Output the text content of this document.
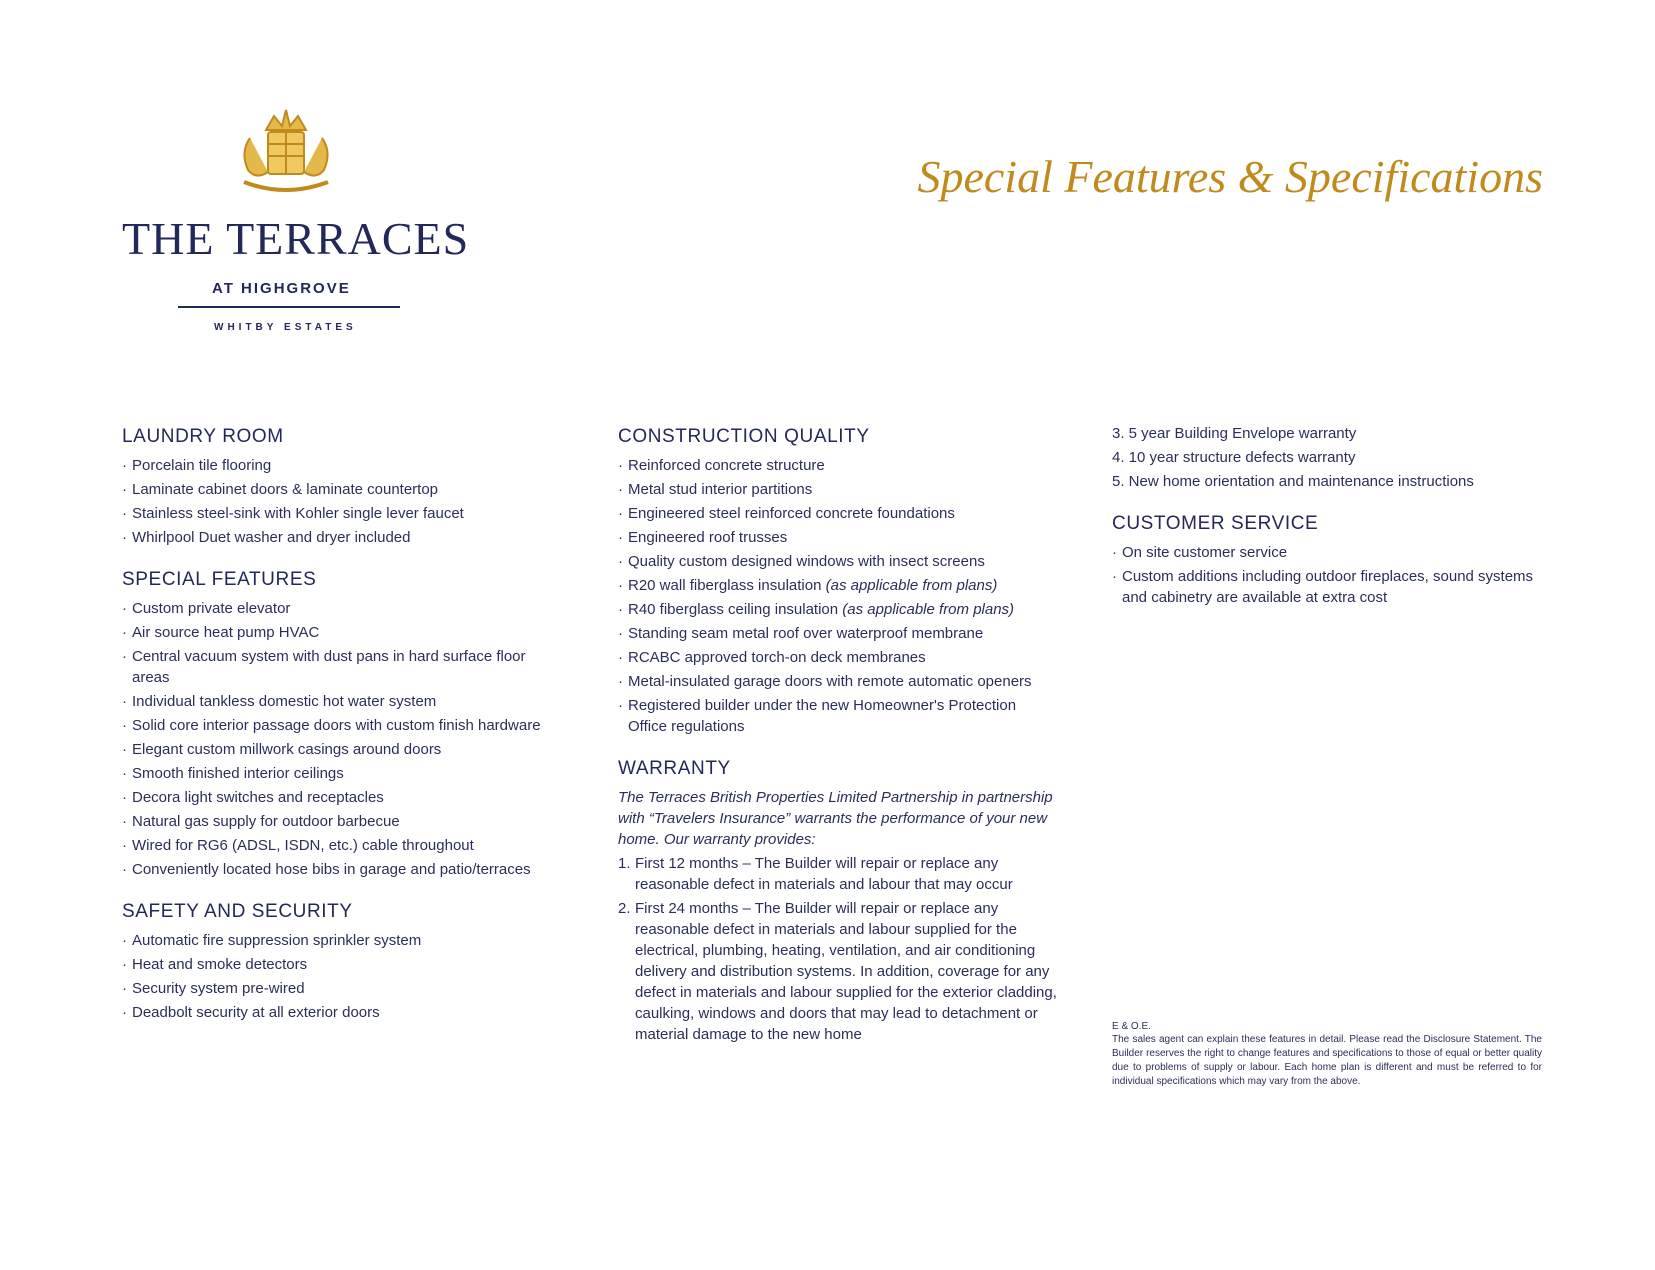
THE TERRACES
AT HIGHGROVE
WHITBY ESTATES
Special Features & Specifications
LAUNDRY ROOM
· Porcelain tile flooring
· Laminate cabinet doors & laminate countertop
· Stainless steel-sink with Kohler single lever faucet
· Whirlpool Duet washer and dryer included
SPECIAL FEATURES
· Custom private elevator
· Air source heat pump HVAC
· Central vacuum system with dust pans in hard surface floor areas
· Individual tankless domestic hot water system
· Solid core interior passage doors with custom finish hardware
· Elegant custom millwork casings around doors
· Smooth finished interior ceilings
· Decora light switches and receptacles
· Natural gas supply for outdoor barbecue
· Wired for RG6 (ADSL, ISDN, etc.) cable throughout
· Conveniently located hose bibs in garage and patio/terraces
SAFETY AND SECURITY
· Automatic fire suppression sprinkler system
· Heat and smoke detectors
· Security system pre-wired
· Deadbolt security at all exterior doors
CONSTRUCTION QUALITY
· Reinforced concrete structure
· Metal stud interior partitions
· Engineered steel reinforced concrete foundations
· Engineered roof trusses
· Quality custom designed windows with insect screens
· R20 wall fiberglass insulation (as applicable from plans)
· R40 fiberglass ceiling insulation (as applicable from plans)
· Standing seam metal roof over waterproof membrane
· RCABC approved torch-on deck membranes
· Metal-insulated garage doors with remote automatic openers
· Registered builder under the new Homeowner's Protection Office regulations
WARRANTY
The Terraces British Properties Limited Partnership in partnership with “Travelers Insurance” warrants the performance of your new home. Our warranty provides:
1. First 12 months – The Builder will repair or replace any reasonable defect in materials and labour that may occur
2. First 24 months – The Builder will repair or replace any reasonable defect in materials and labour supplied for the electrical, plumbing, heating, ventilation, and air conditioning delivery and distribution systems. In addition, coverage for any defect in materials and labour supplied for the exterior cladding, caulking, windows and doors that may lead to detachment or material damage to the new home
3. 5 year Building Envelope warranty
4. 10 year structure defects warranty
5. New home orientation and maintenance instructions
CUSTOMER SERVICE
· On site customer service
· Custom additions including outdoor fireplaces, sound systems and cabinetry are available at extra cost
E & O.E.
The sales agent can explain these features in detail. Please read the Disclosure Statement. The Builder reserves the right to change features and specifications to those of equal or better quality due to problems of supply or labour. Each home plan is different and must be referred to for individual specifications which may vary from the above.
